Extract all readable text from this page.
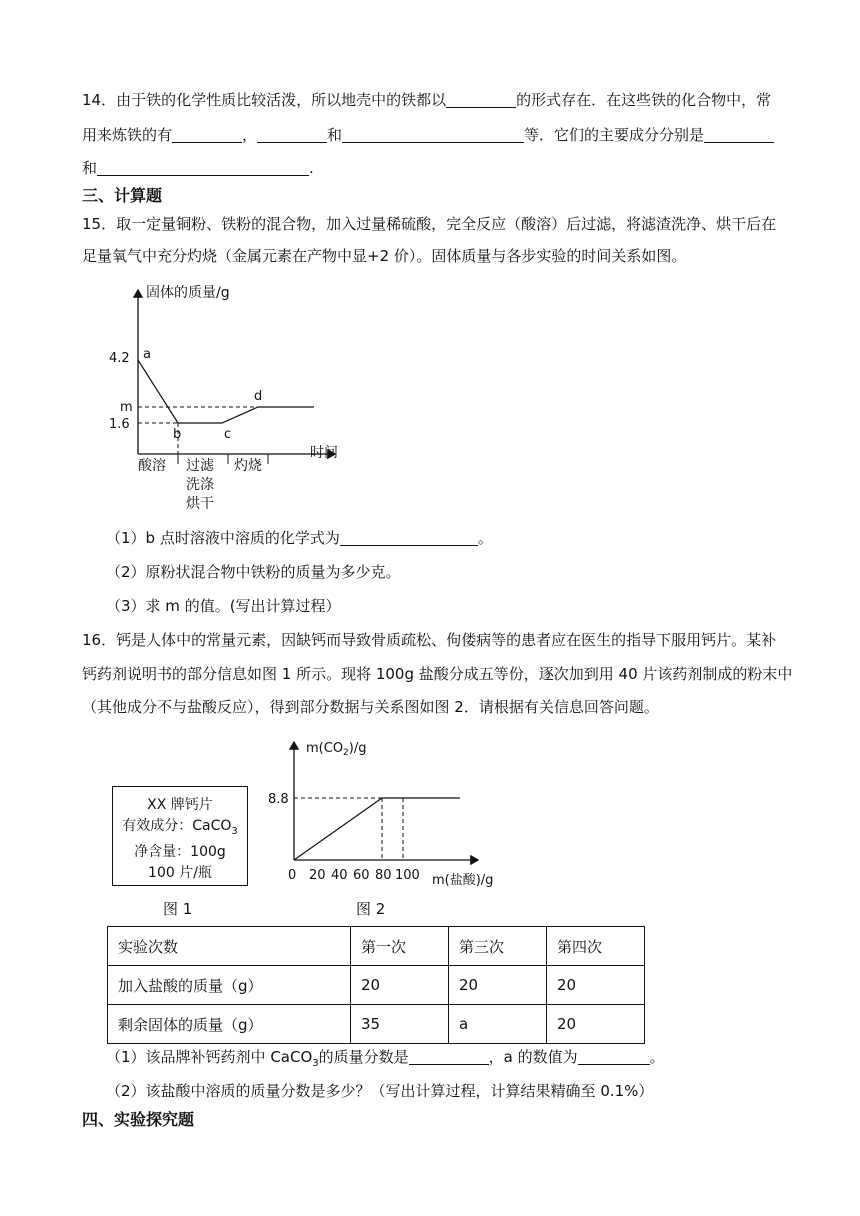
14．由于铁的化学性质比较活泼，所以地壳中的铁都以	的形式存在．在这些铁的化合物中，常
用来炼铁的有	，	和	等．它们的主要成分分别是
和	.
三、计算题
15．取一定量铜粉、铁粉的混合物，加入过量稀硫酸，完全反应（酸溶）后过滤，将滤渣洗净、烘干后在
足量氧气中充分灼烧（金属元素在产物中显+2 价）。固体质量与各步实验的时间关系如图。
固体的质量/g
时间
4.2
m
1.6
a
b	c
d
酸溶 过滤
洗涤
烘干
灼烧
（1）b 点时溶液中溶质的化学式为	。
（2）原粉状混合物中铁粉的质量为多少克。
（3）求 m 的值。(写出计算过程）
16．钙是人体中的常量元素，因缺钙而导致骨质疏松、佝偻病等的患者应在医生的指导下服用钙片。某补
钙药剂说明书的部分信息如图 1 所示。现将 100g 盐酸分成五等份，逐次加到用 40 片该药剂制成的粉末中
（其他成分不与盐酸反应），得到部分数据与关系图如图 2．请根据有关信息回答问题。
XX 牌钙片
有效成分：CaCO$_3$
净含量：100g
100 片/瓶
图 1
$m(CO_2)/g$
8.8
0 20 40 60 80 100 m(盐酸)/g
图 2
实验次数	第一次	第三次	第四次
加入盐酸的质量（g）	20	20	20
剩余固体的质量（g）	35	a	20
（1）该品牌补钙药剂中 CaCO$_3$的质量分数是	，a 的数值为	。
（2）该盐酸中溶质的质量分数是多少？（写出计算过程，计算结果精确至 0.1%）
四、实验探究题
